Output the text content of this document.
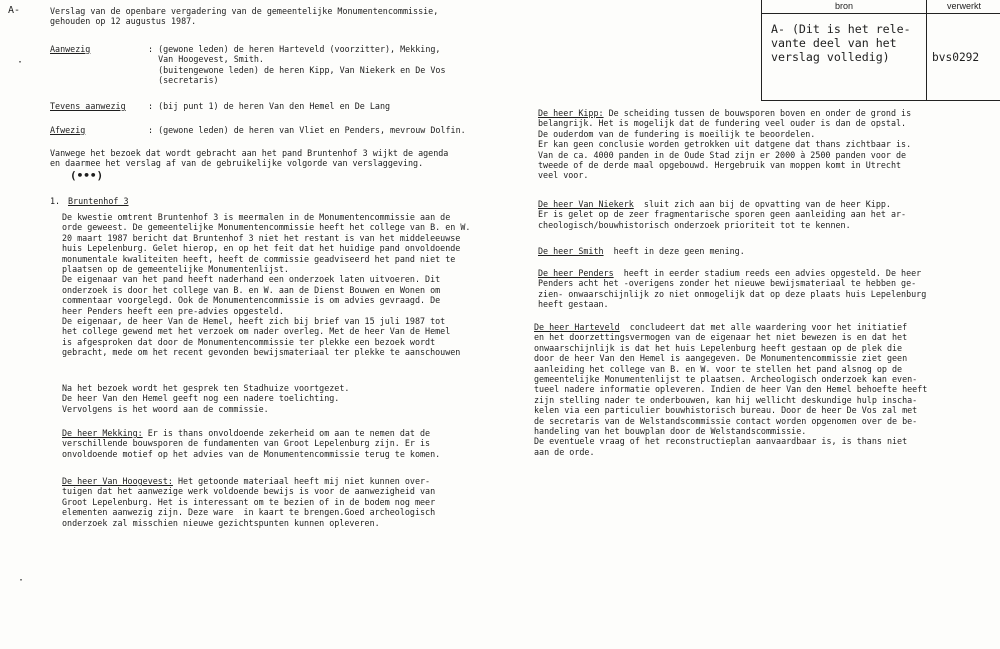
A-
·
·
bron	verwerkt
A- (Dit is het rele-
vante deel van het
verslag volledig)	bvs0292
Verslag van de openbare vergadering van de gemeentelijke Monumentencommissie,
gehouden op 12 augustus 1987.
Aanwezig	: (gewone leden) de heren Harteveld (voorzitter), Mekking,
Van Hoogevest, Smith.
(buitengewone leden) de heren Kipp, Van Niekerk en De Vos
(secretaris)
Tevens aanwezig	: (bij punt 1) de heren Van den Hemel en De Lang
Afwezig	: (gewone leden) de heren van Vliet en Penders, mevrouw Dolfin.
Vanwege het bezoek dat wordt gebracht aan het pand Bruntenhof 3 wijkt de agenda
en daarmee het verslag af van de gebruikelijke volgorde van verslaggeving.
(•••)
1. Bruntenhof 3
De kwestie omtrent Bruntenhof 3 is meermalen in de Monumentencommissie aan de
orde geweest. De gemeentelijke Monumentencommissie heeft het college van B. en W.
20 maart 1987 bericht dat Bruntenhof 3 niet het restant is van het middeleeuwse
huis Lepelenburg. Gelet hierop, en op het feit dat het huidige pand onvoldoende
monumentale kwaliteiten heeft, heeft de commissie geadviseerd het pand niet te
plaatsen op de gemeentelijke Monumentenlijst.
De eigenaar van het pand heeft naderhand een onderzoek laten uitvoeren. Dit
onderzoek is door het college van B. en W. aan de Dienst Bouwen en Wonen om
commentaar voorgelegd. Ook de Monumentencommissie is om advies gevraagd. De
heer Penders heeft een pre-advies opgesteld.
De eigenaar, de heer Van de Hemel, heeft zich bij brief van 15 juli 1987 tot
het college gewend met het verzoek om nader overleg. Met de heer Van de Hemel
is afgesproken dat door de Monumentencommissie ter plekke een bezoek wordt
gebracht, mede om het recent gevonden bewijsmateriaal ter plekke te aanschouwen
Na het bezoek wordt het gesprek ten Stadhuize voortgezet.
De heer Van den Hemel geeft nog een nadere toelichting.
Vervolgens is het woord aan de commissie.
De heer Mekking: Er is thans onvoldoende zekerheid om aan te nemen dat de
verschillende bouwsporen de fundamenten van Groot Lepelenburg zijn. Er is
onvoldoende motief op het advies van de Monumentencommissie terug te komen.
De heer Van Hoogevest: Het getoonde materiaal heeft mij niet kunnen over-
tuigen dat het aanwezige werk voldoende bewijs is voor de aanwezigheid van
Groot Lepelenburg. Het is interessant om te bezien of in de bodem nog meer
elementen aanwezig zijn. Deze ware  in kaart te brengen.Goed archeologisch
onderzoek zal misschien nieuwe gezichtspunten kunnen opleveren.
De heer Kipp: De scheiding tussen de bouwsporen boven en onder de grond is
belangrijk. Het is mogelijk dat de fundering veel ouder is dan de opstal.
De ouderdom van de fundering is moeilijk te beoordelen.
Er kan geen conclusie worden getrokken uit datgene dat thans zichtbaar is.
Van de ca. 4000 panden in de Oude Stad zijn er 2000 à 2500 panden voor de
tweede of de derde maal opgebouwd. Hergebruik van moppen komt in Utrecht
veel voor.
De heer Van Niekerk  sluit zich aan bij de opvatting van de heer Kipp.
Er is gelet op de zeer fragmentarische sporen geen aanleiding aan het ar-
cheologisch/bouwhistorisch onderzoek prioriteit tot te kennen.
De heer Smith  heeft in deze geen mening.
De heer Penders  heeft in eerder stadium reeds een advies opgesteld. De heer
Penders acht het -overigens zonder het nieuwe bewijsmateriaal te hebben ge-
zien- onwaarschijnlijk zo niet onmogelijk dat op deze plaats huis Lepelenburg
heeft gestaan.
De heer Harteveld  concludeert dat met alle waardering voor het initiatief
en het doorzettingsvermogen van de eigenaar het niet bewezen is en dat het
onwaarschijnlijk is dat het huis Lepelenburg heeft gestaan op de plek die
door de heer Van den Hemel is aangegeven. De Monumentencommissie ziet geen
aanleiding het college van B. en W. voor te stellen het pand alsnog op de
gemeentelijke Monumentenlijst te plaatsen. Archeologisch onderzoek kan even-
tueel nadere informatie opleveren. Indien de heer Van den Hemel behoefte heeft
zijn stelling nader te onderbouwen, kan hij wellicht deskundige hulp inscha-
kelen via een particulier bouwhistorisch bureau. Door de heer De Vos zal met
de secretaris van de Welstandscommissie contact worden opgenomen over de be-
handeling van het bouwplan door de Welstandscommissie.
De eventuele vraag of het reconstructieplan aanvaardbaar is, is thans niet
aan de orde.
